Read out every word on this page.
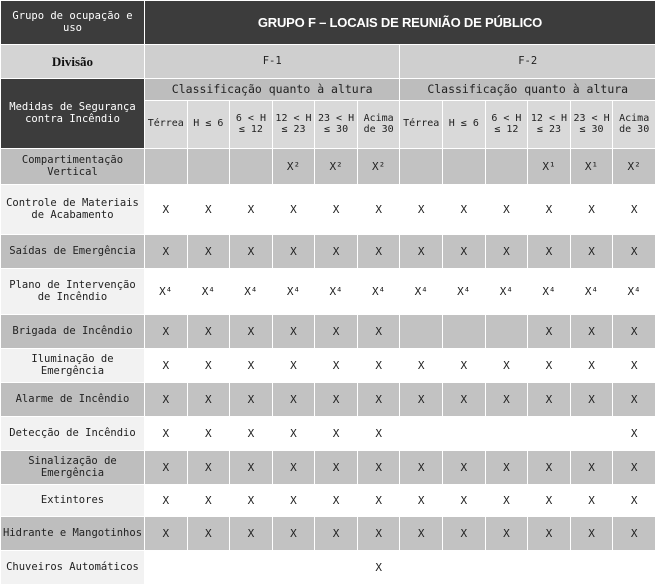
Grupo de ocupação e uso	GRUPO F – LOCAIS DE REUNIÃO DE PÚBLICO											
Divisão	F-1						F-2					
Medidas de Segurança contra Incêndio	Classificação quanto à altura						Classificação quanto à altura					
	Térrea	H ≤ 6	6 < H ≤ 12	12 < H ≤ 23	23 < H ≤ 30	Acima de 30	Térrea	H ≤ 6	6 < H ≤ 12	12 < H ≤ 23	23 < H ≤ 30	Acima de 30
Compartimentação Vertical				X²	X²	X²				X¹	X¹	X²
Controle de Materiais de Acabamento	X	X	X	X	X	X	X	X	X	X	X	X
Saídas de Emergência	X	X	X	X	X	X	X	X	X	X	X	X
Plano de Intervenção de Incêndio	X⁴	X⁴	X⁴	X⁴	X⁴	X⁴	X⁴	X⁴	X⁴	X⁴	X⁴	X⁴
Brigada de Incêndio	X	X	X	X	X	X				X	X	X
Iluminação de Emergência	X	X	X	X	X	X	X	X	X	X	X	X
Alarme de Incêndio	X	X	X	X	X	X	X	X	X	X	X	X
Detecção de Incêndio	X	X	X	X	X	X						X
Sinalização de Emergência	X	X	X	X	X	X	X	X	X	X	X	X
Extintores	X	X	X	X	X	X	X	X	X	X	X	X
Hidrante e Mangotinhos	X	X	X	X	X	X	X	X	X	X	X	X
Chuveiros Automáticos						X						
